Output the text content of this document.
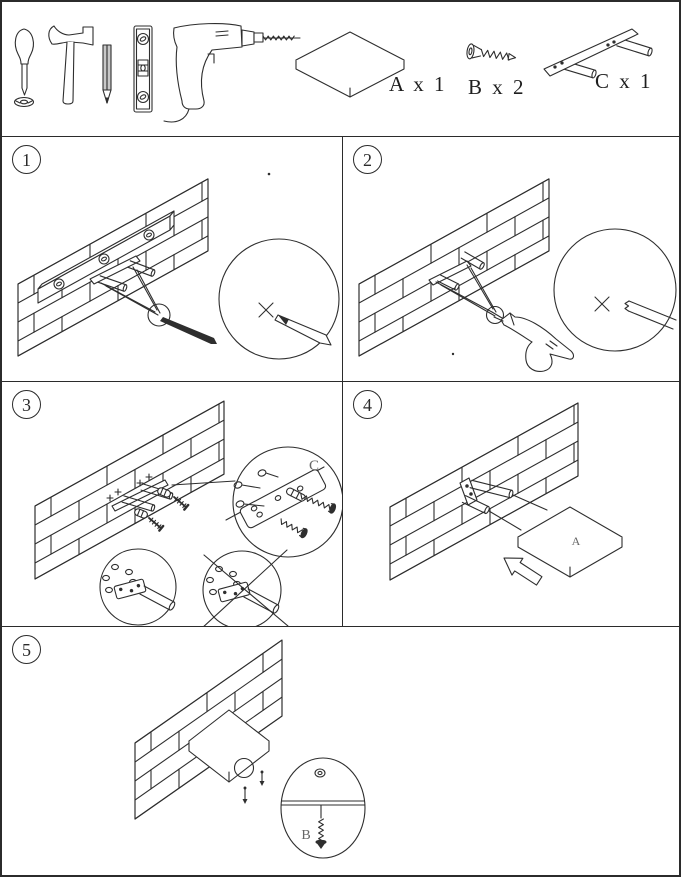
A x 1 B x 2	C x 1
1	2
C
3
A
4
B
5
